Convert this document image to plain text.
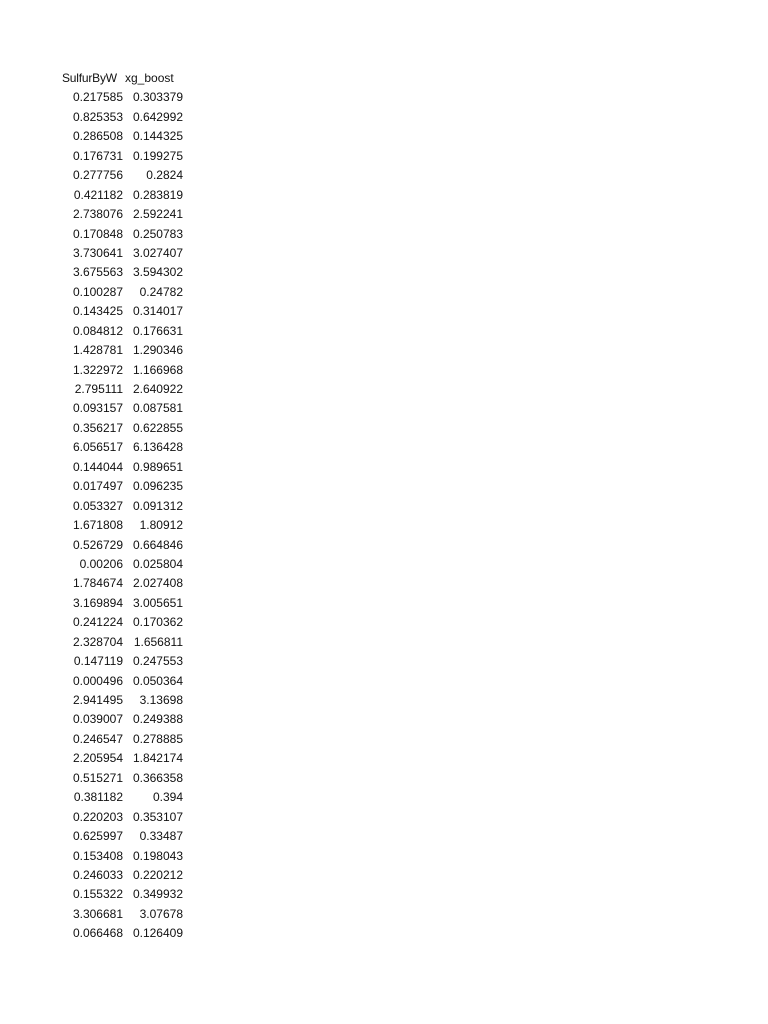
SulfurByW xg_boost
0.217585 0.303379
0.825353 0.642992
0.286508 0.144325
0.176731 0.199275
0.277756	0.2824
0.421182 0.283819
2.738076 2.592241
0.170848 0.250783
3.730641 3.027407
3.675563 3.594302
0.100287	0.24782
0.143425 0.314017
0.084812 0.176631
1.428781 1.290346
1.322972 1.166968
2.795111 2.640922
0.093157 0.087581
0.356217 0.622855
6.056517 6.136428
0.144044 0.989651
0.017497 0.096235
0.053327 0.091312
1.671808	1.80912
0.526729 0.664846
0.00206 0.025804
1.784674 2.027408
3.169894 3.005651
0.241224 0.170362
2.328704 1.656811
0.147119 0.247553
0.000496 0.050364
2.941495	3.13698
0.039007 0.249388
0.246547 0.278885
2.205954 1.842174
0.515271 0.366358
0.381182	0.394
0.220203 0.353107
0.625997	0.33487
0.153408 0.198043
0.246033 0.220212
0.155322 0.349932
3.306681	3.07678
0.066468 0.126409
